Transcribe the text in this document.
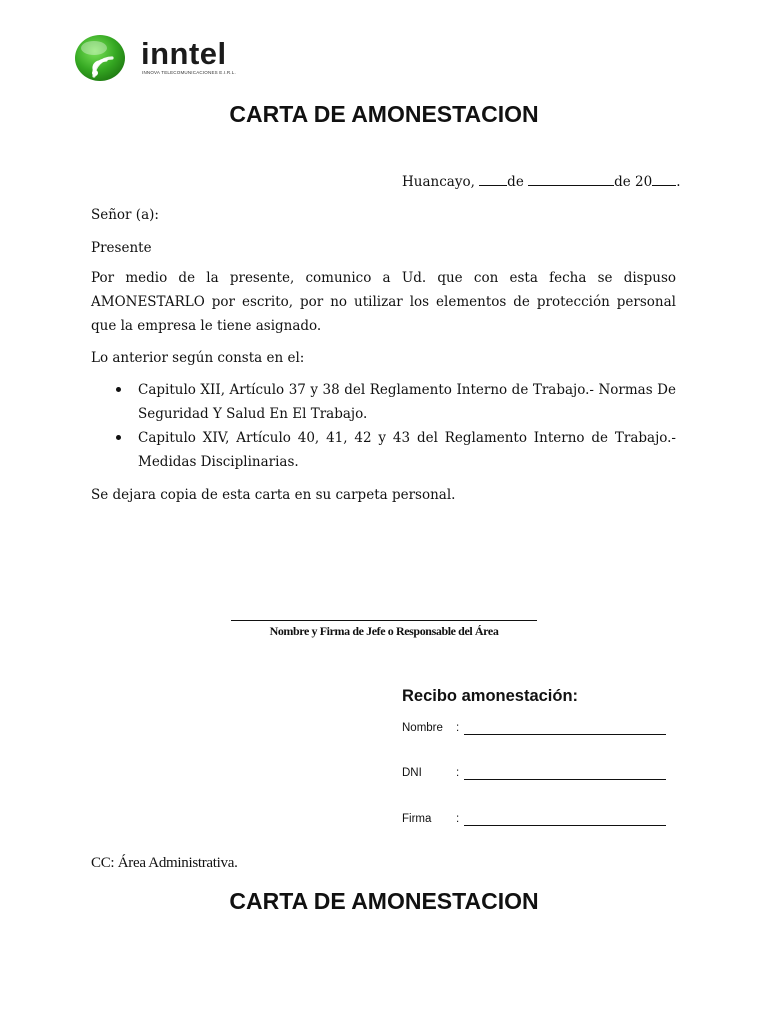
inntel
INNOVA TELECOMUNICACIONES E.I.R.L.
CARTA DE AMONESTACION
Huancayo, de	de 20 .
Señor (a):
Presente
Por medio de la presente, comunico a Ud. que con esta fecha se dispuso AMONESTARLO por escrito, por no utilizar los elementos de protección personal que la empresa le tiene asignado.
Lo anterior según consta en el:
Capitulo XII, Artículo 37 y 38 del Reglamento Interno de Trabajo.- Normas De Seguridad Y Salud En El Trabajo.
Capitulo XIV, Artículo 40, 41, 42 y 43 del Reglamento Interno de Trabajo.- Medidas Disciplinarias.
Se dejara copia de esta carta en su carpeta personal.
Nombre y Firma de Jefe o Responsable del Área
Recibo amonestación:
Nombre :
DNI	:
Firma :
CC: Área Administrativa.
CARTA DE AMONESTACION
